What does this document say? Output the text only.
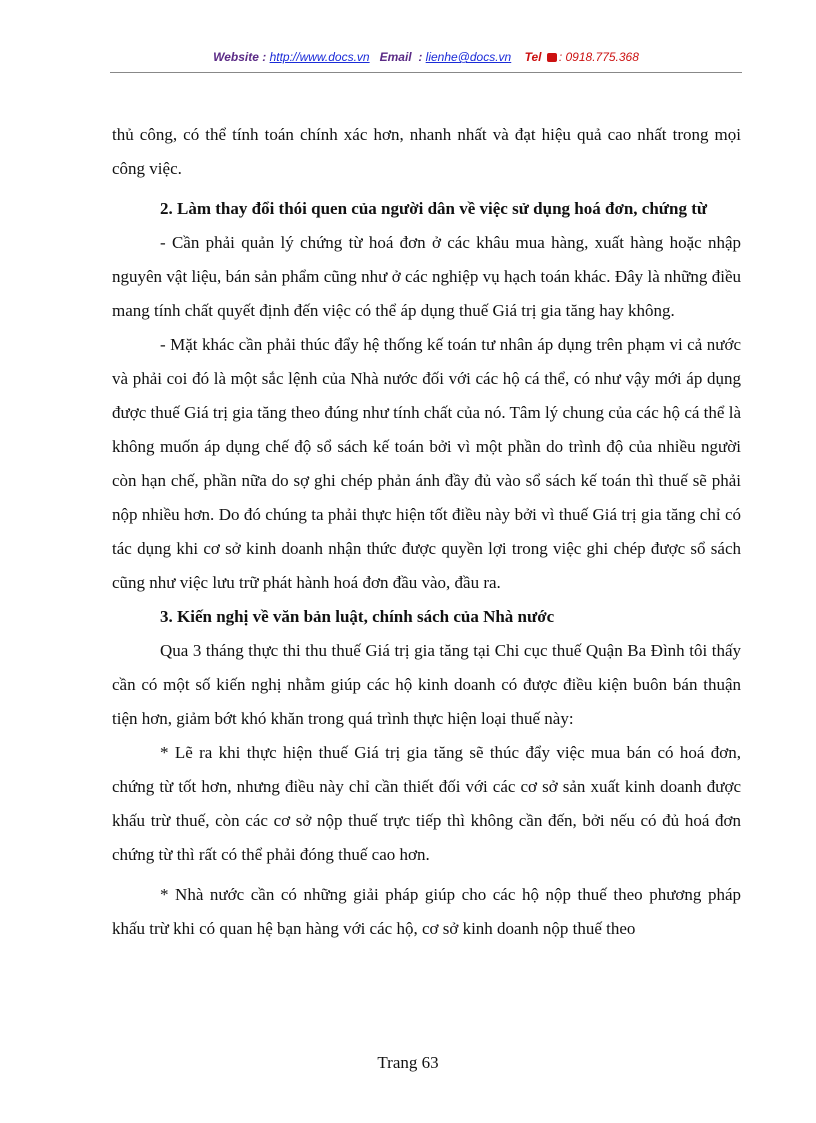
Website : http://www.docs.vn Email : lienhe@docs.vn Tel : 0918.775.368

thủ công, có thể tính toán chính xác hơn, nhanh nhất và đạt hiệu quả cao nhất trong mọi công việc.

2. Làm thay đổi thói quen của người dân về việc sử dụng hoá đơn, chứng từ

- Cần phải quản lý chứng từ hoá đơn ở các khâu mua hàng, xuất hàng hoặc nhập nguyên vật liệu, bán sản phẩm cũng như ở các nghiệp vụ hạch toán khác. Đây là những điều mang tính chất quyết định đến việc có thể áp dụng thuế Giá trị gia tăng hay không.

- Mặt khác cần phải thúc đẩy hệ thống kế toán tư nhân áp dụng trên phạm vi cả nước và phải coi đó là một sắc lệnh của Nhà nước đối với các hộ cá thể, có như vậy mới áp dụng được thuế Giá trị gia tăng theo đúng như tính chất của nó. Tâm lý chung của các hộ cá thể là không muốn áp dụng chế độ sổ sách kế toán bởi vì một phần do trình độ của nhiều người còn hạn chế, phần nữa do sợ ghi chép phản ánh đầy đủ vào sổ sách kế toán thì thuế sẽ phải nộp nhiều hơn. Do đó chúng ta phải thực hiện tốt điều này bởi vì thuế Giá trị gia tăng chỉ có tác dụng khi cơ sở kinh doanh nhận thức được quyền lợi trong việc ghi chép được sổ sách cũng như việc lưu trữ phát hành hoá đơn đầu vào, đầu ra.

3. Kiến nghị về văn bản luật, chính sách của Nhà nước

Qua 3 tháng thực thi thu thuế Giá trị gia tăng tại Chi cục thuế Quận Ba Đình tôi thấy cần có một số kiến nghị nhằm giúp các hộ kinh doanh có được điều kiện buôn bán thuận tiện hơn, giảm bớt khó khăn trong quá trình thực hiện loại thuế này:

* Lẽ ra khi thực hiện thuế Giá trị gia tăng sẽ thúc đẩy việc mua bán có hoá đơn, chứng từ tốt hơn, nhưng điều này chỉ cần thiết đối với các cơ sở sản xuất kinh doanh được khấu trừ thuế, còn các cơ sở nộp thuế trực tiếp thì không cần đến, bởi nếu có đủ hoá đơn chứng từ thì rất có thể phải đóng thuế cao hơn.

* Nhà nước cần có những giải pháp giúp cho các hộ nộp thuế theo phương pháp khấu trừ khi có quan hệ bạn hàng với các hộ, cơ sở kinh doanh nộp thuế theo

Trang 63
